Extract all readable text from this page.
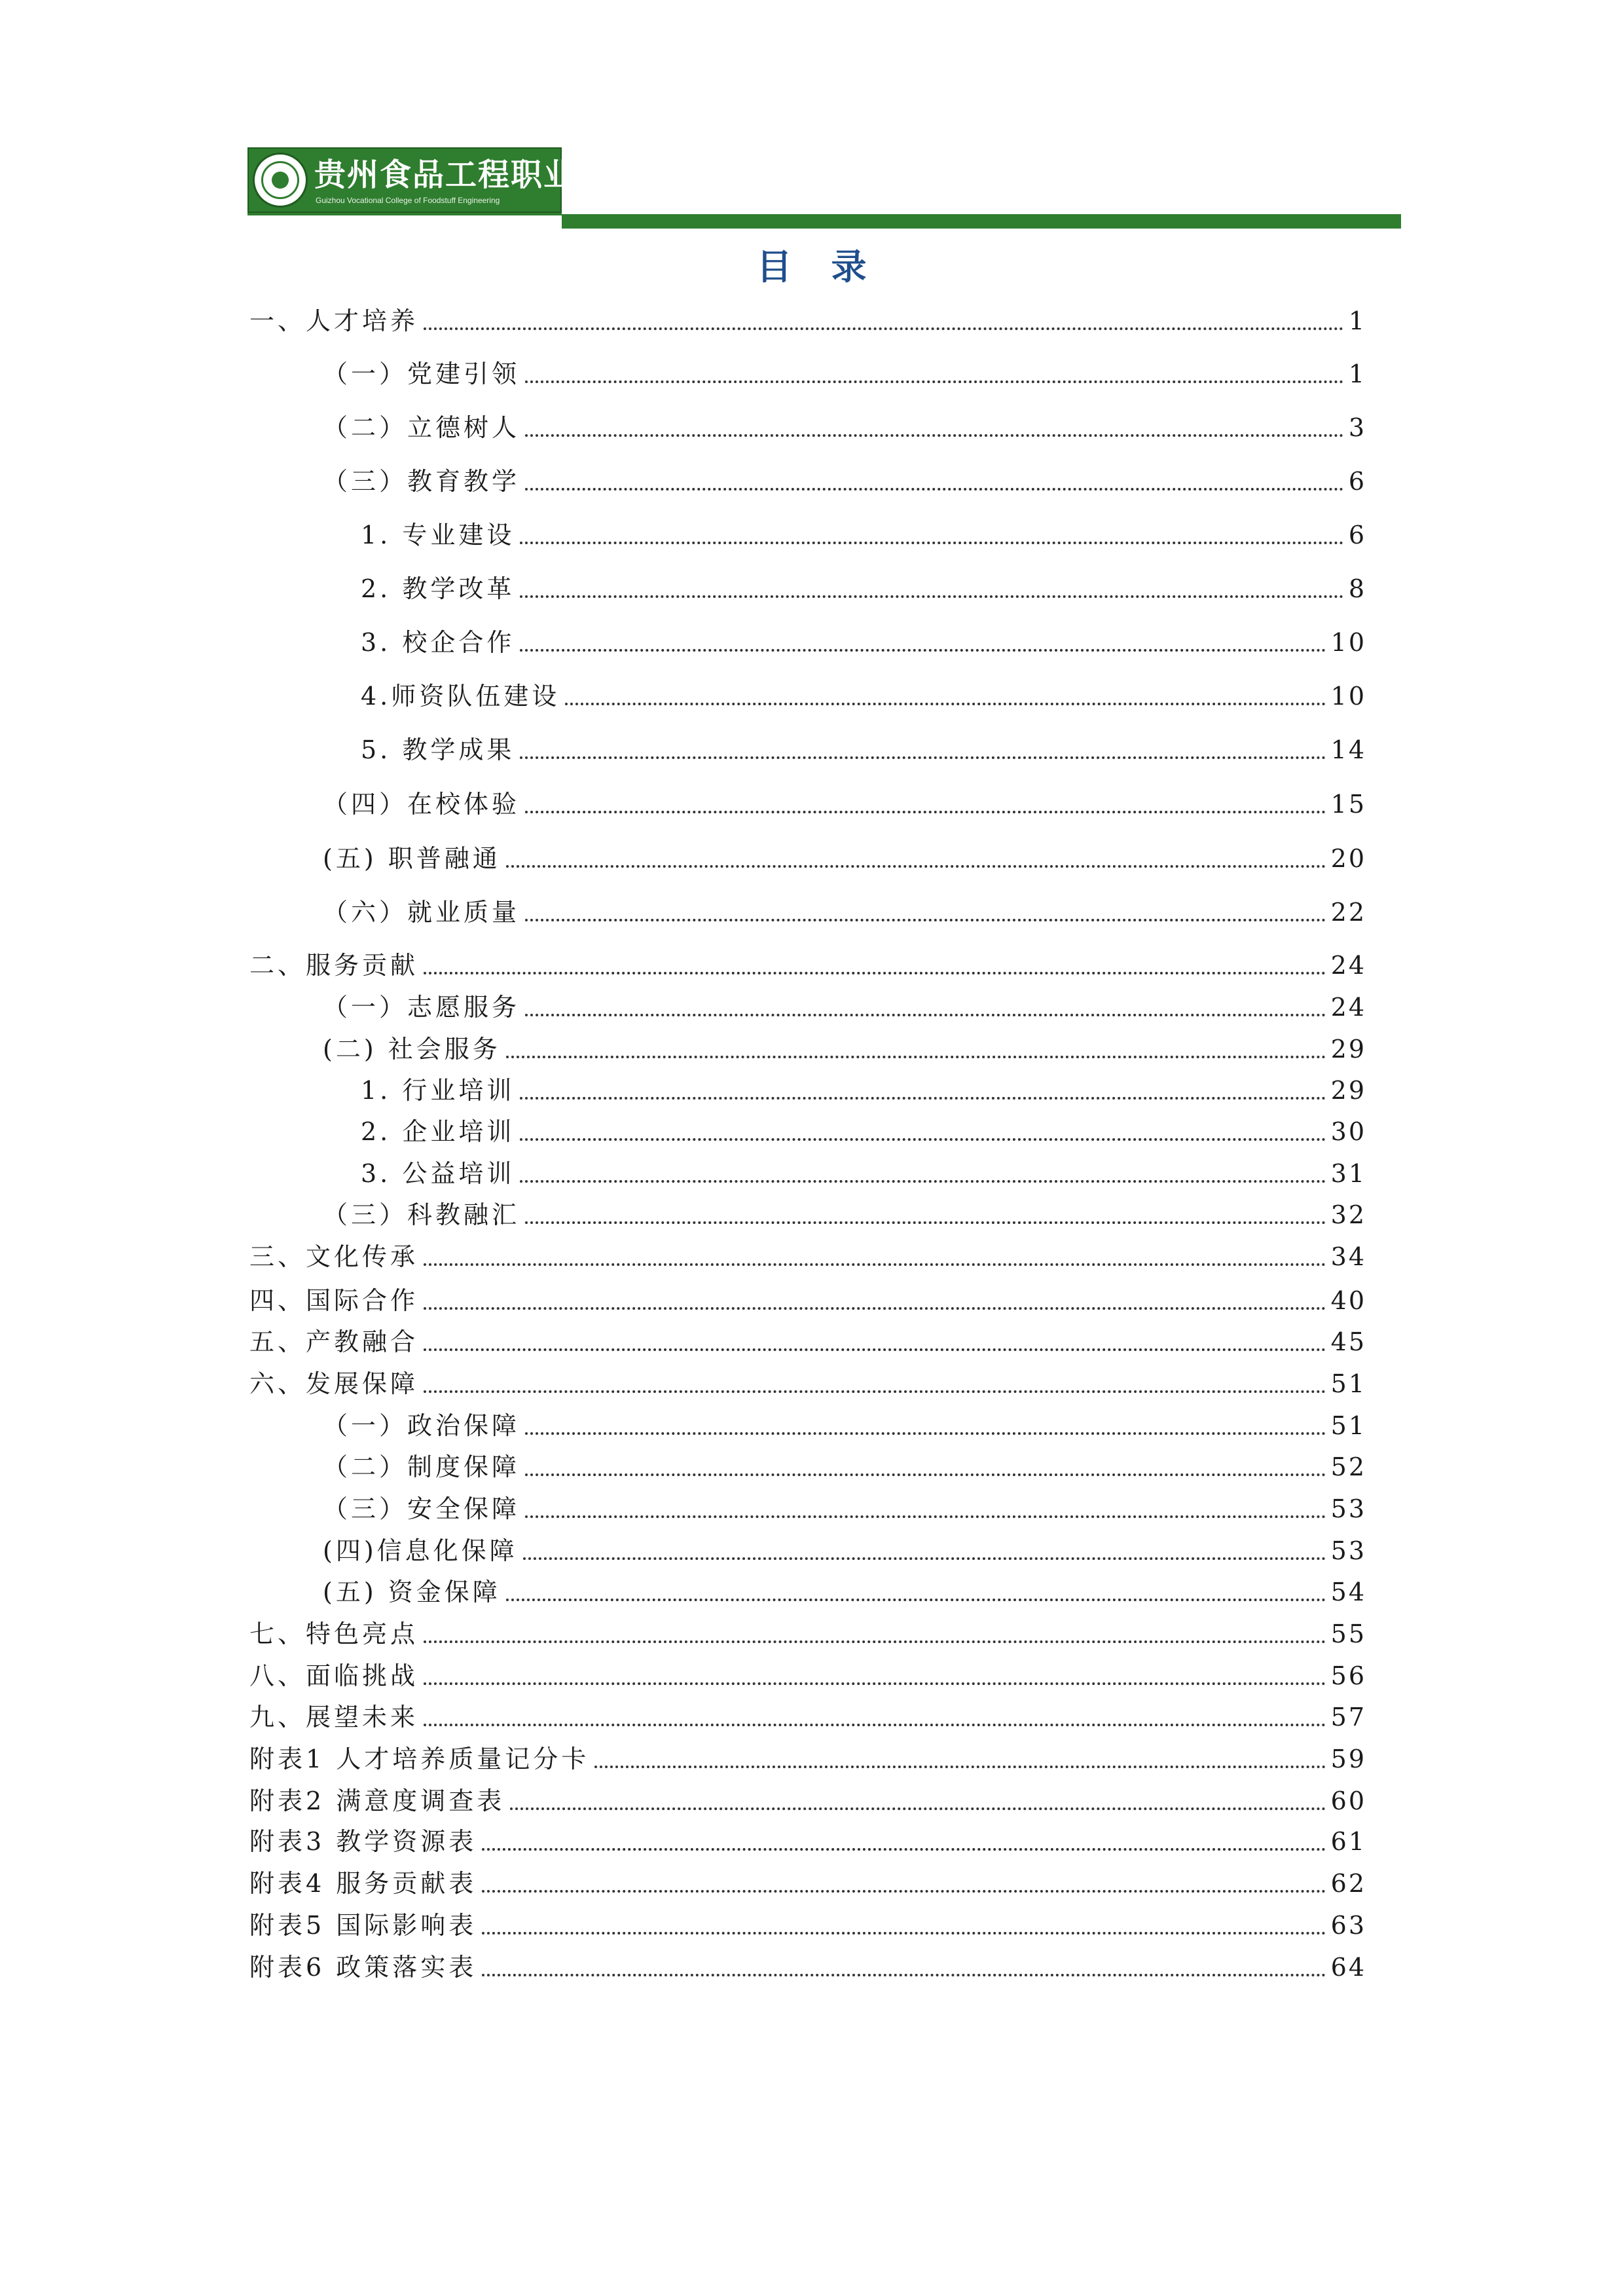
贵州食品工程职业学院
Guizhou Vocational College of Foodstuff Engineering
目录
一、人才培养	1
（一）党建引领	1
（二）立德树人	3
（三）教育教学	6
1. 专业建设	6
2. 教学改革	8
3. 校企合作	10
4.师资队伍建设	10
5. 教学成果	14
（四）在校体验	15
(五) 职普融通	20
（六）就业质量	22
二、服务贡献	24
（一）志愿服务	24
(二) 社会服务	29
1. 行业培训	29
2. 企业培训	30
3. 公益培训	31
（三）科教融汇	32
三、文化传承	34
四、国际合作	40
五、产教融合	45
六、发展保障	51
（一）政治保障	51
（二）制度保障	52
（三）安全保障	53
(四)信息化保障	53
(五) 资金保障	54
七、特色亮点	55
八、面临挑战	56
九、展望未来	57
附表1 人才培养质量记分卡	59
附表2 满意度调查表	60
附表3 教学资源表	61
附表4 服务贡献表	62
附表5 国际影响表	63
附表6 政策落实表	64
